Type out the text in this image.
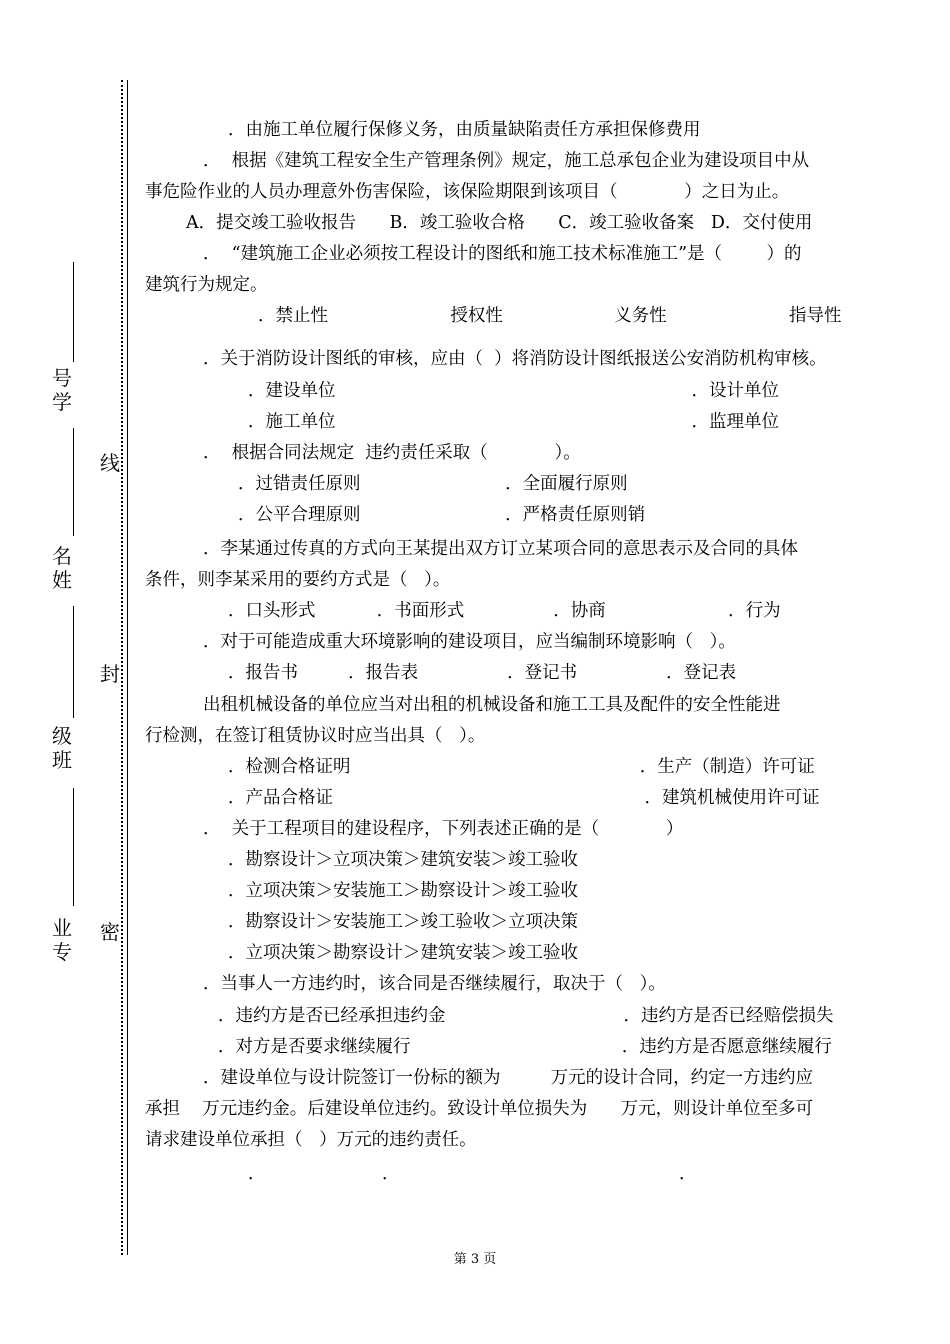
号学
名姓
级班
业专
线
封
密
．由施工单位履行保修义务，由质量缺陷责任方承担保修费用
．  根据《建筑工程安全生产管理条例》规定，施工总承包企业为建设项目中从
事危险作业的人员办理意外伤害保险，该保险期限到该项目（            ）之日为止。
A．提交竣工验收报告      B．竣工验收合格      C．竣工验收备案   D．交付使用
．  “建筑施工企业必须按工程设计的图纸和施工技术标准施工”是（        ）的
建筑行为规定。
．禁止性                      授权性                    义务性                      指导性
．关于消防设计图纸的审核，应由（  ）将消防设计图纸报送公安消防机构审核。
．建设单位                                                                ．设计单位
．施工单位                                                                ．监理单位
．  根据合同法规定  违约责任采取（            ）。
．过错责任原则                          ．全面履行原则
．公平合理原则                          ．严格责任原则销
．李某通过传真的方式向王某提出双方订立某项合同的意思表示及合同的具体
条件，则李某采用的要约方式是（   ）。
．口头形式           ．书面形式                ．协商                      ．行为
．对于可能造成重大环境影响的建设项目，应当编制环境影响（   ）。
．报告书         ．报告表                ．登记书                ．登记表
出租机械设备的单位应当对出租的机械设备和施工工具及配件的安全性能进
行检测，在签订租赁协议时应当出具（   ）。
．检测合格证明                                                    ．生产（制造）许可证
．产品合格证                                                        ．建筑机械使用许可证
．  关于工程项目的建设程序，下列表述正确的是（            ）
．勘察设计＞立项决策＞建筑安装＞竣工验收
．立项决策＞安装施工＞勘察设计＞竣工验收
．勘察设计＞安装施工＞竣工验收＞立项决策
．立项决策＞勘察设计＞建筑安装＞竣工验收
．当事人一方违约时，该合同是否继续履行，取决于（   ）。
．违约方是否已经承担违约金                                ．违约方是否已经赔偿损失
．对方是否要求继续履行                                      ．违约方是否愿意继续履行
．建设单位与设计院签订一份标的额为         万元的设计合同，约定一方违约应
承担    万元违约金。后建设单位违约。致设计单位损失为      万元，则设计单位至多可
请求建设单位承担（   ）万元的违约责任。
．	．	．
第 3 页
